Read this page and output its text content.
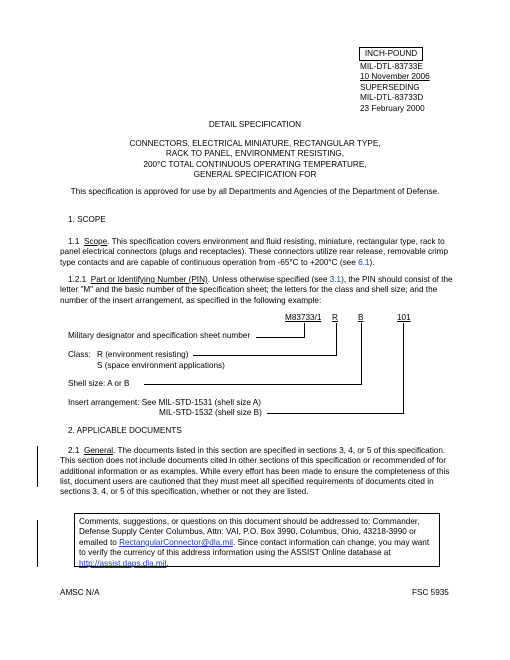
INCH-POUND
MIL-DTL-83733E
10 November 2006
SUPERSEDING
MIL-DTL-83733D
23 February 2000
DETAIL SPECIFICATION
CONNECTORS, ELECTRICAL MINIATURE, RECTANGULAR TYPE,
RACK TO PANEL, ENVIRONMENT RESISTING,
200°C TOTAL CONTINUOUS OPERATING TEMPERATURE,
GENERAL SPECIFICATION FOR
This specification is approved for use by all Departments and Agencies of the Department of Defense.
1. SCOPE
1.1 Scope. This specification covers environment and fluid resisting, miniature, rectangular type, rack to panel electrical connectors (plugs and receptacles). These connectors utilize rear release, removable crimp type contacts and are capable of continuous operation from -65°C to +200°C (see 6.1).
1.2.1 Part or Identifying Number (PIN). Unless otherwise specified (see 3.1), the PIN should consist of the letter "M" and the basic number of the specification sheet; the letters for the class and shell size; and the number of the insert arrangement, as specified in the following example:
M83733/1 R B	101
Military designator and specification sheet number
Class: R (environment resisting)
S (space environment applications)
Shell size: A or B
Insert arrangement: See MIL-STD-1531 (shell size A)
MIL-STD-1532 (shell size B)
2. APPLICABLE DOCUMENTS
2.1 General. The documents listed in this section are specified in sections 3, 4, or 5 of this specification. This section does not include documents cited in other sections of this specification or recommended of for additional information or as examples. While every effort has been made to ensure the completeness of this list, document users are cautioned that they must meet all specified requirements of documents cited in sections 3, 4, or 5 of this specification, whether or not they are listed.
Comments, suggestions, or questions on this document should be addressed to: Commander, Defense Supply Center Columbus, Attn: VAI, P.O. Box 3990, Columbus, Ohio, 43218-3990 or emailed to RectangularConnector@dla.mil. Since contact information can change, you may want to verify the currency of this address information using the ASSIST Online database at http://assist.daps.dla.mil.
AMSC N/A	FSC 5935
